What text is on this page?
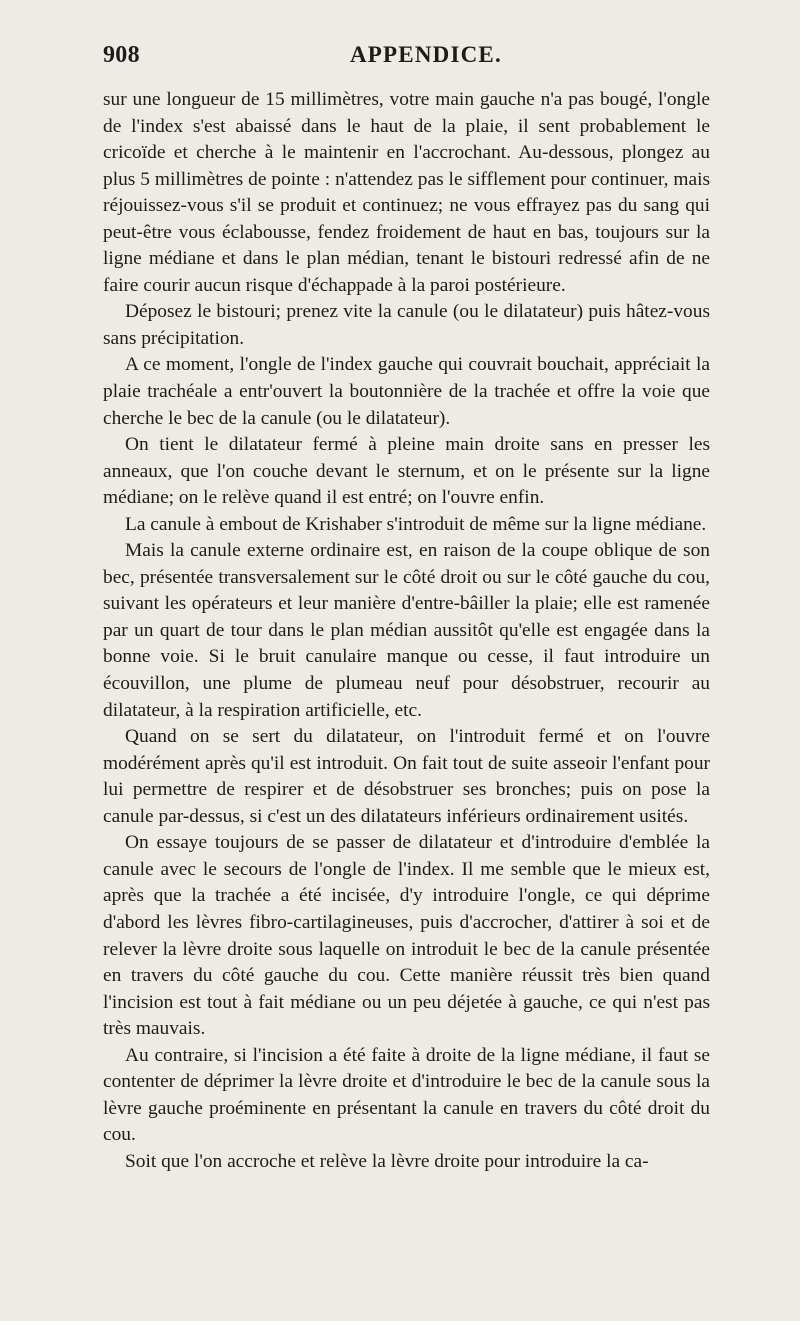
908	APPENDICE.

sur une longueur de 15 millimètres, votre main gauche n'a pas bougé, l'ongle de l'index s'est abaissé dans le haut de la plaie, il sent probablement le cricoïde et cherche à le maintenir en l'accrochant. Au-dessous, plongez au plus 5 millimètres de pointe : n'attendez pas le sifflement pour continuer, mais réjouissez-vous s'il se produit et continuez; ne vous effrayez pas du sang qui peut-être vous éclabousse, fendez froidement de haut en bas, toujours sur la ligne médiane et dans le plan médian, tenant le bistouri redressé afin de ne faire courir aucun risque d'échappade à la paroi postérieure.

Déposez le bistouri; prenez vite la canule (ou le dilatateur) puis hâtez-vous sans précipitation.

A ce moment, l'ongle de l'index gauche qui couvrait bouchait, appréciait la plaie trachéale a entr'ouvert la boutonnière de la trachée et offre la voie que cherche le bec de la canule (ou le dilatateur).

On tient le dilatateur fermé à pleine main droite sans en presser les anneaux, que l'on couche devant le sternum, et on le présente sur la ligne médiane; on le relève quand il est entré; on l'ouvre enfin.

La canule à embout de Krishaber s'introduit de même sur la ligne médiane.

Mais la canule externe ordinaire est, en raison de la coupe oblique de son bec, présentée transversalement sur le côté droit ou sur le côté gauche du cou, suivant les opérateurs et leur manière d'entre-bâiller la plaie; elle est ramenée par un quart de tour dans le plan médian aussitôt qu'elle est engagée dans la bonne voie. Si le bruit canulaire manque ou cesse, il faut introduire un écouvillon, une plume de plumeau neuf pour désobstruer, recourir au dilatateur, à la respiration artificielle, etc.

Quand on se sert du dilatateur, on l'introduit fermé et on l'ouvre modérément après qu'il est introduit. On fait tout de suite asseoir l'enfant pour lui permettre de respirer et de désobstruer ses bronches; puis on pose la canule par-dessus, si c'est un des dilatateurs inférieurs ordinairement usités.

On essaye toujours de se passer de dilatateur et d'introduire d'emblée la canule avec le secours de l'ongle de l'index. Il me semble que le mieux est, après que la trachée a été incisée, d'y introduire l'ongle, ce qui déprime d'abord les lèvres fibro-cartilagineuses, puis d'accrocher, d'attirer à soi et de relever la lèvre droite sous laquelle on introduit le bec de la canule présentée en travers du côté gauche du cou. Cette manière réussit très bien quand l'incision est tout à fait médiane ou un peu déjetée à gauche, ce qui n'est pas très mauvais.

Au contraire, si l'incision a été faite à droite de la ligne médiane, il faut se contenter de déprimer la lèvre droite et d'introduire le bec de la canule sous la lèvre gauche proéminente en présentant la canule en travers du côté droit du cou.

Soit que l'on accroche et relève la lèvre droite pour introduire la ca-
